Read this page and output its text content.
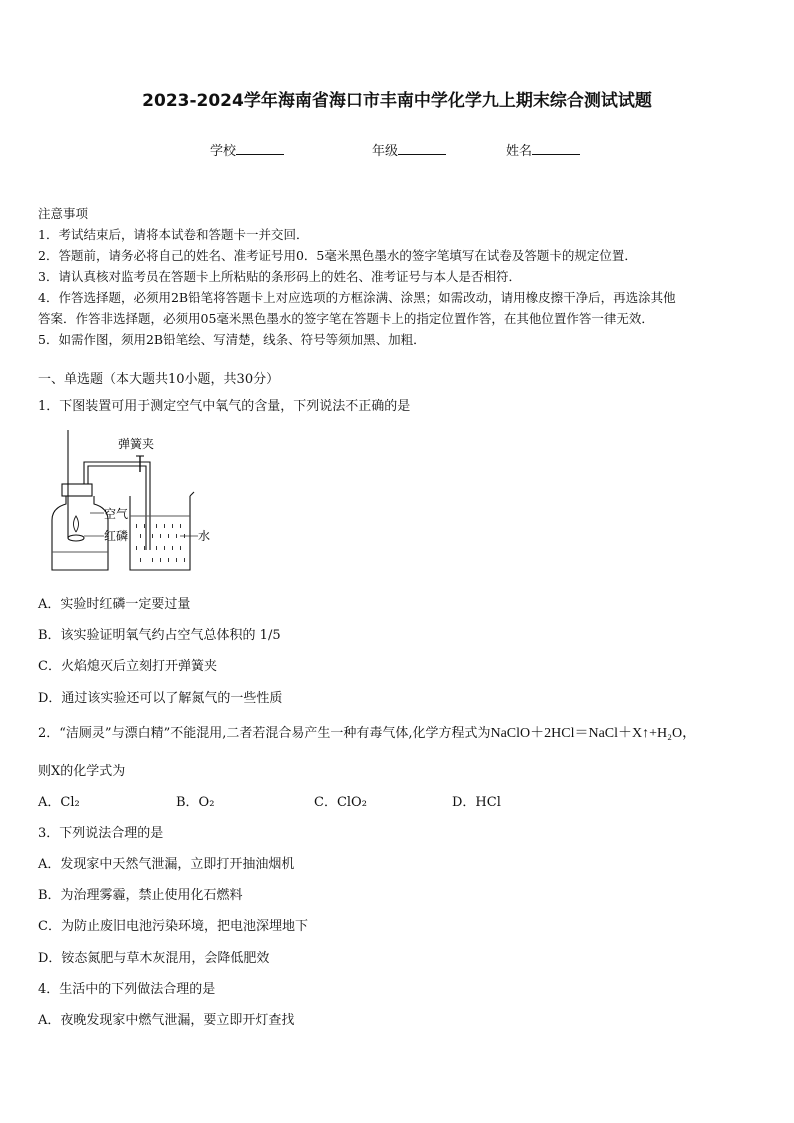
2023-2024学年海南省海口市丰南中学化学九上期末综合测试试题
学校	年级	姓名
注意事项
1．考试结束后，请将本试卷和答题卡一并交回．
2．答题前，请务必将自己的姓名、准考证号用0．5毫米黑色墨水的签字笔填写在试卷及答题卡的规定位置．
3．请认真核对监考员在答题卡上所粘贴的条形码上的姓名、准考证号与本人是否相符．
4．作答选择题，必须用2B铅笔将答题卡上对应选项的方框涂满、涂黑；如需改动，请用橡皮擦干净后，再选涂其他
答案．作答非选择题，必须用05毫米黑色墨水的签字笔在答题卡上的指定位置作答，在其他位置作答一律无效．
5．如需作图，须用2B铅笔绘、写清楚，线条、符号等须加黑、加粗．
一、单选题（本大题共10小题，共30分）
1．下图装置可用于测定空气中氧气的含量，下列说法不正确的是
弹簧夹
空气
红磷	水
A．实验时红磷一定要过量
B．该实验证明氧气约占空气总体积的 1/5
C．火焰熄灭后立刻打开弹簧夹
D．通过该实验还可以了解氮气的一些性质
2．“洁厕灵”与漂白精”不能混用,二者若混合易产生一种有毒气体,化学方程式为NaClO＋2HCl＝NaCl＋X↑+H₂O，
则X的化学式为
A．Cl₂	B．O₂	C．ClO₂	D．HCl
3．下列说法合理的是
A．发现家中天然气泄漏，立即打开抽油烟机
B．为治理雾霾，禁止使用化石燃料
C．为防止废旧电池污染环境，把电池深埋地下
D．铵态氮肥与草木灰混用，会降低肥效
4．生活中的下列做法合理的是
A．夜晚发现家中燃气泄漏，要立即开灯查找
